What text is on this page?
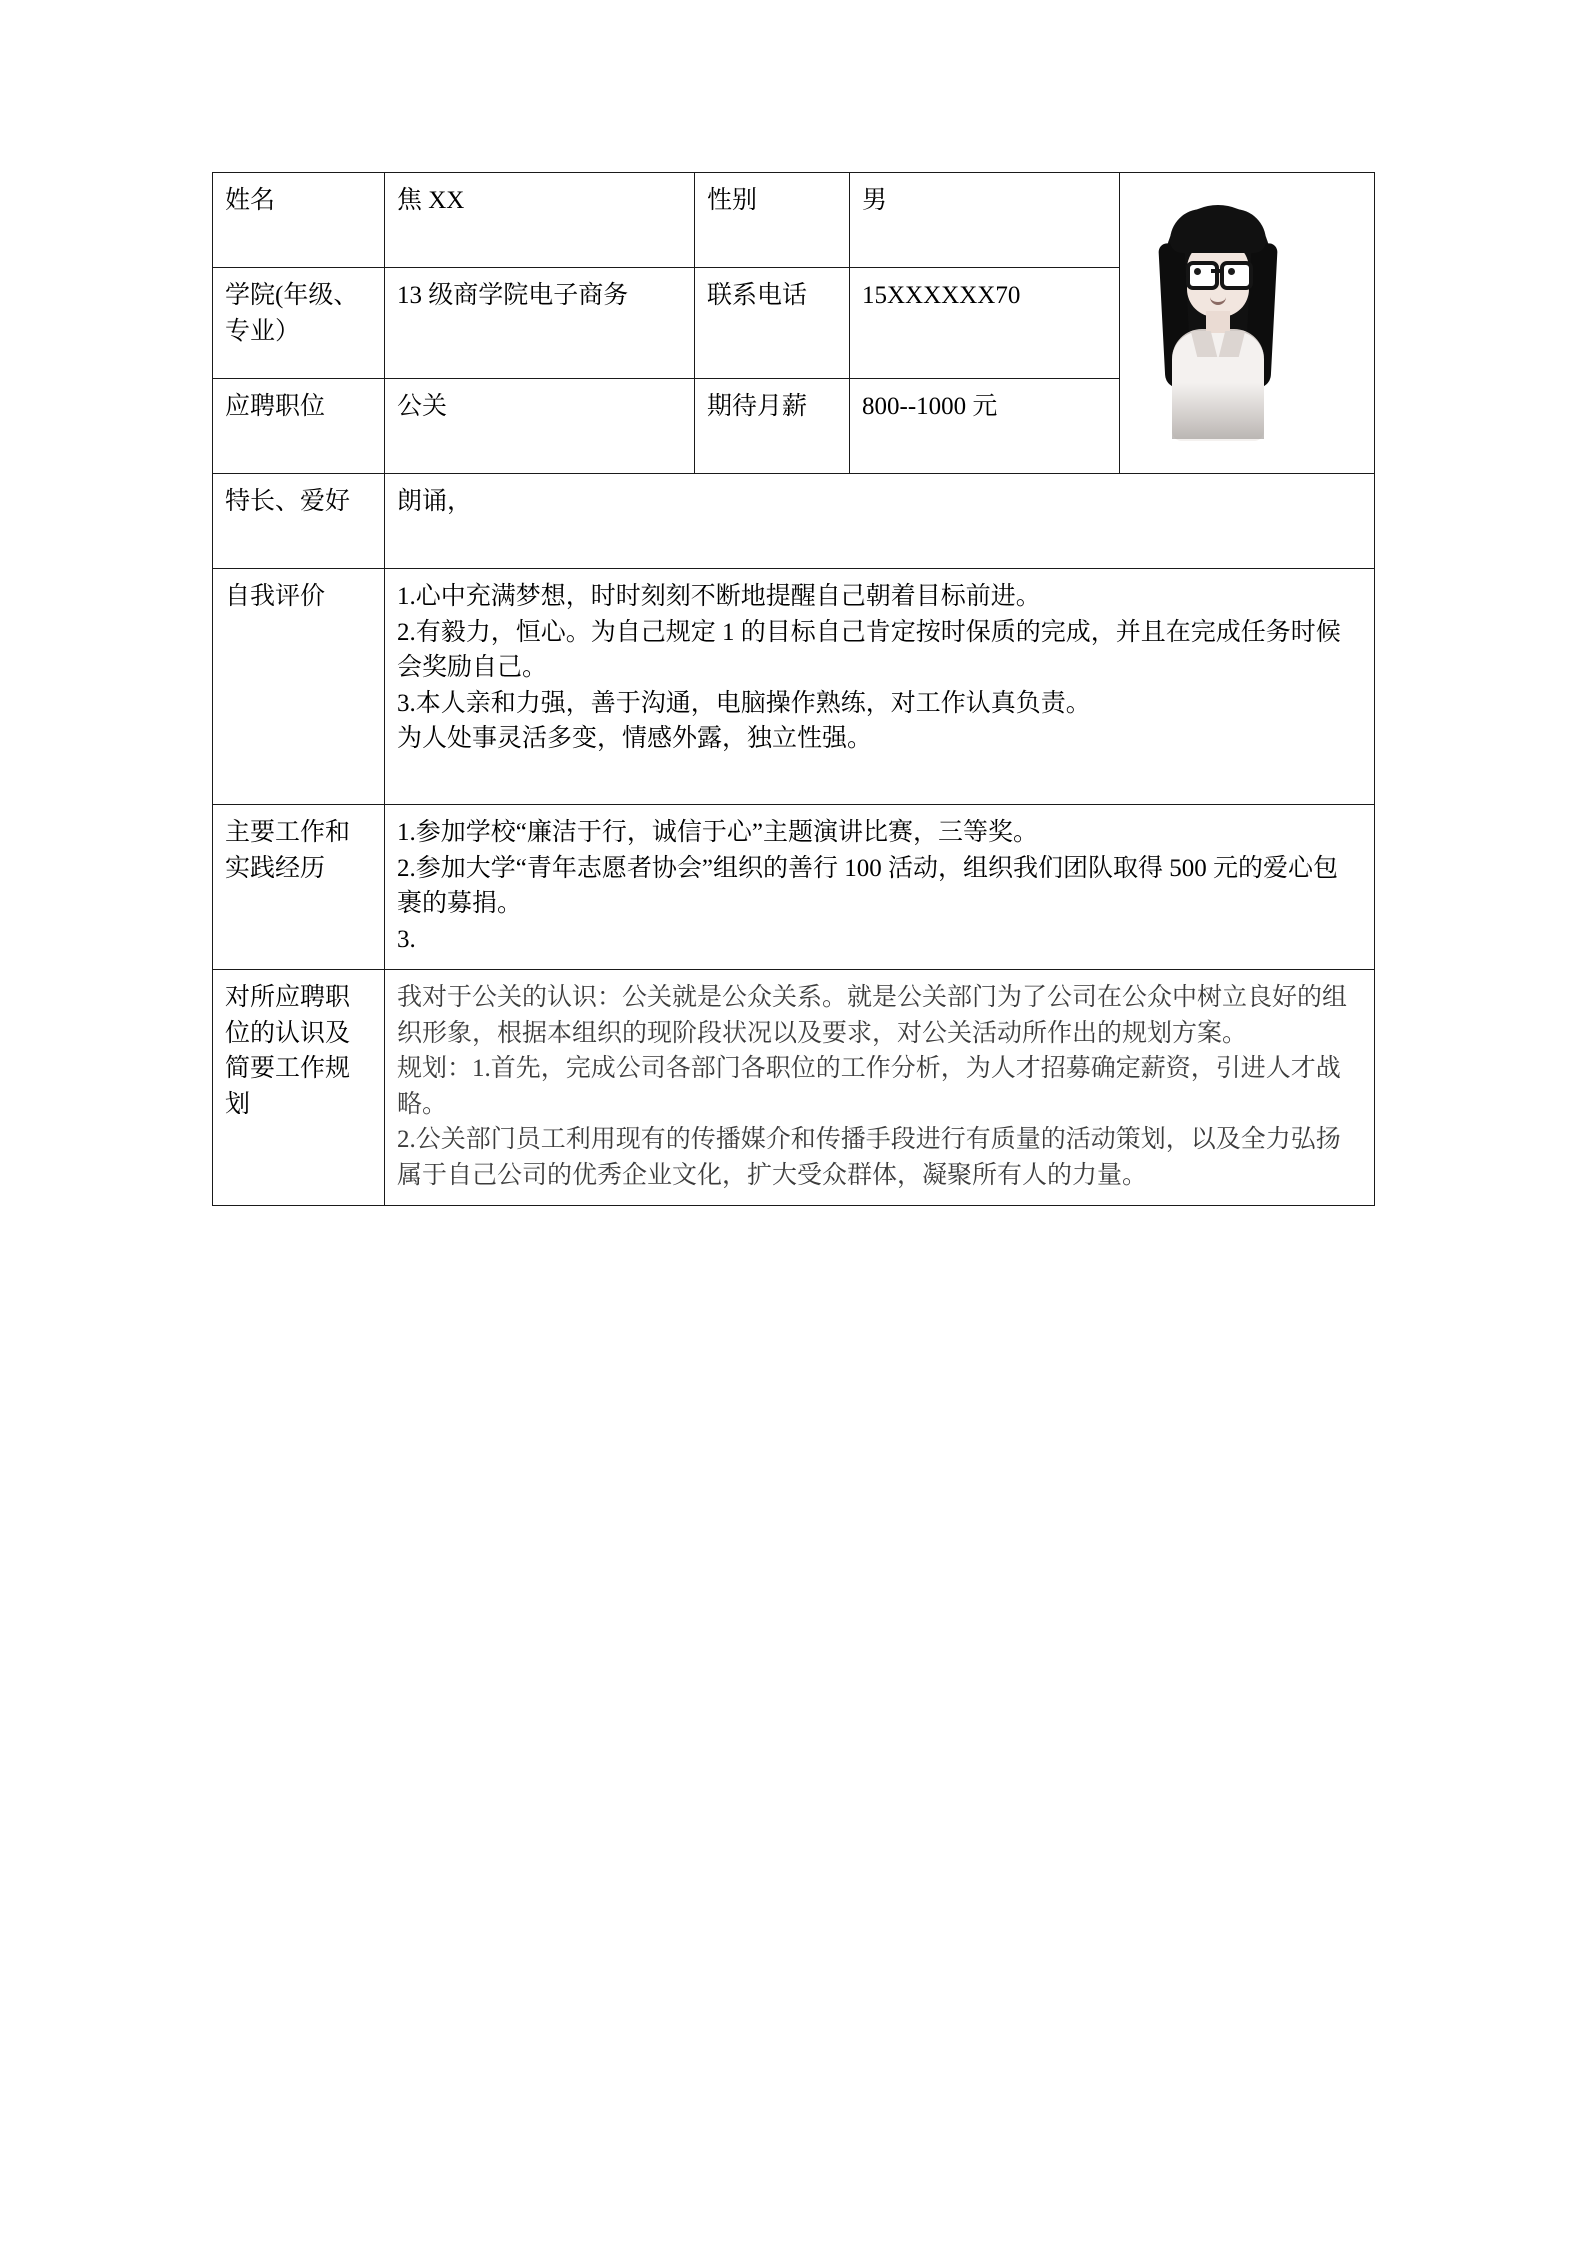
姓名	焦 XX	性别	男	

学院(年级、专业）	13 级商学院电子商务	联系电话	15XXXXXX70	
应聘职位	公关	期待月薪	800--1000 元	
特长、爱好	朗诵，			
自我评价	1.心中充满梦想，时时刻刻不断地提醒自己朝着目标前进。

2.有毅力，恒心。为自己规定 1 的目标自己肯定按时保质的完成，并且在完成任务时候会奖励自己。

3.本人亲和力强，善于沟通，电脑操作熟练，对工作认真负责。

为人处事灵活多变，情感外露，独立性强。			

主要工作和实践经历	1.参加学校“廉洁于行，诚信于心”主题演讲比赛，三等奖。

2.参加大学“青年志愿者协会”组织的善行 100 活动，组织我们团队取得 500 元的爱心包裹的募捐。

3.			

对所应聘职位的认识及简要工作规划	我对于公关的认识：公关就是公众关系。就是公关部门为了公司在公众中树立良好的组织形象，根据本组织的现阶段状况以及要求，对公关活动所作出的规划方案。

规划：1.首先，完成公司各部门各职位的工作分析，为人才招募确定薪资，引进人才战略。

2.公关部门员工利用现有的传播媒介和传播手段进行有质量的活动策划，以及全力弘扬属于自己公司的优秀企业文化，扩大受众群体，凝聚所有人的力量。			
